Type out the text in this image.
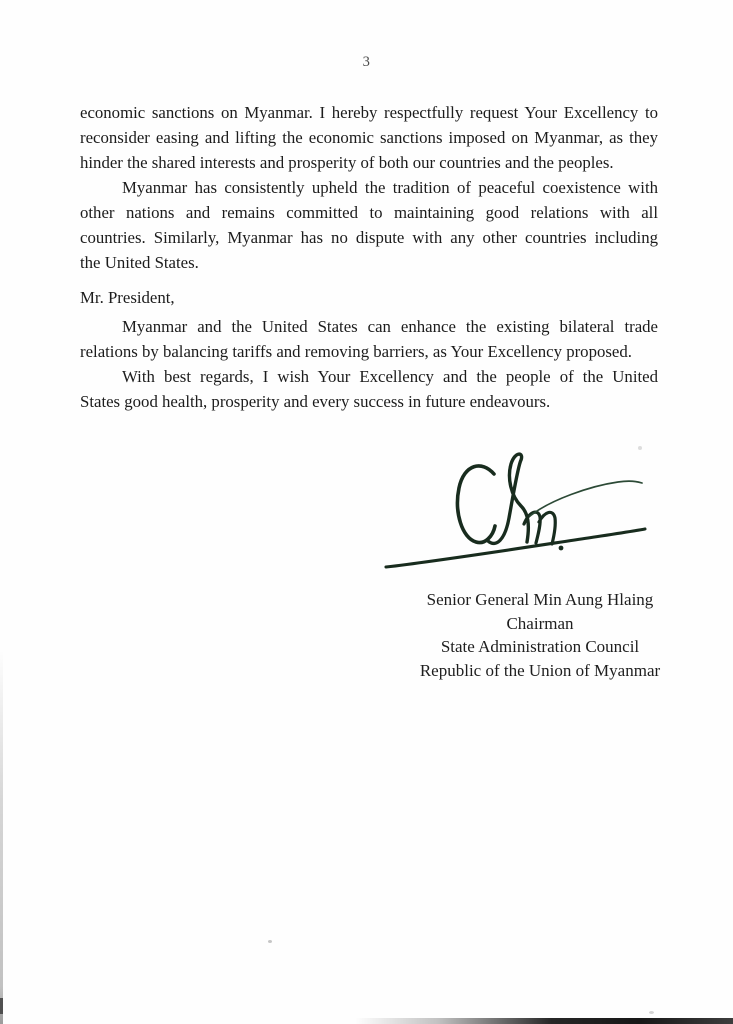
3
economic sanctions on Myanmar. I hereby respectfully request Your Excellency to
reconsider easing and lifting the economic sanctions imposed on Myanmar, as they
hinder the shared interests and prosperity of both our countries and the peoples.
Myanmar has consistently upheld the tradition of peaceful coexistence with
other nations and remains committed to maintaining good relations with all
countries. Similarly, Myanmar has no dispute with any other countries including
the United States.
Mr. President,
Myanmar and the United States can enhance the existing bilateral trade
relations by balancing tariffs and removing barriers, as Your Excellency proposed.
With best regards, I wish Your Excellency and the people of the United
States good health, prosperity and every success in future endeavours.
Senior General Min Aung Hlaing
Chairman
State Administration Council
Republic of the Union of Myanmar
